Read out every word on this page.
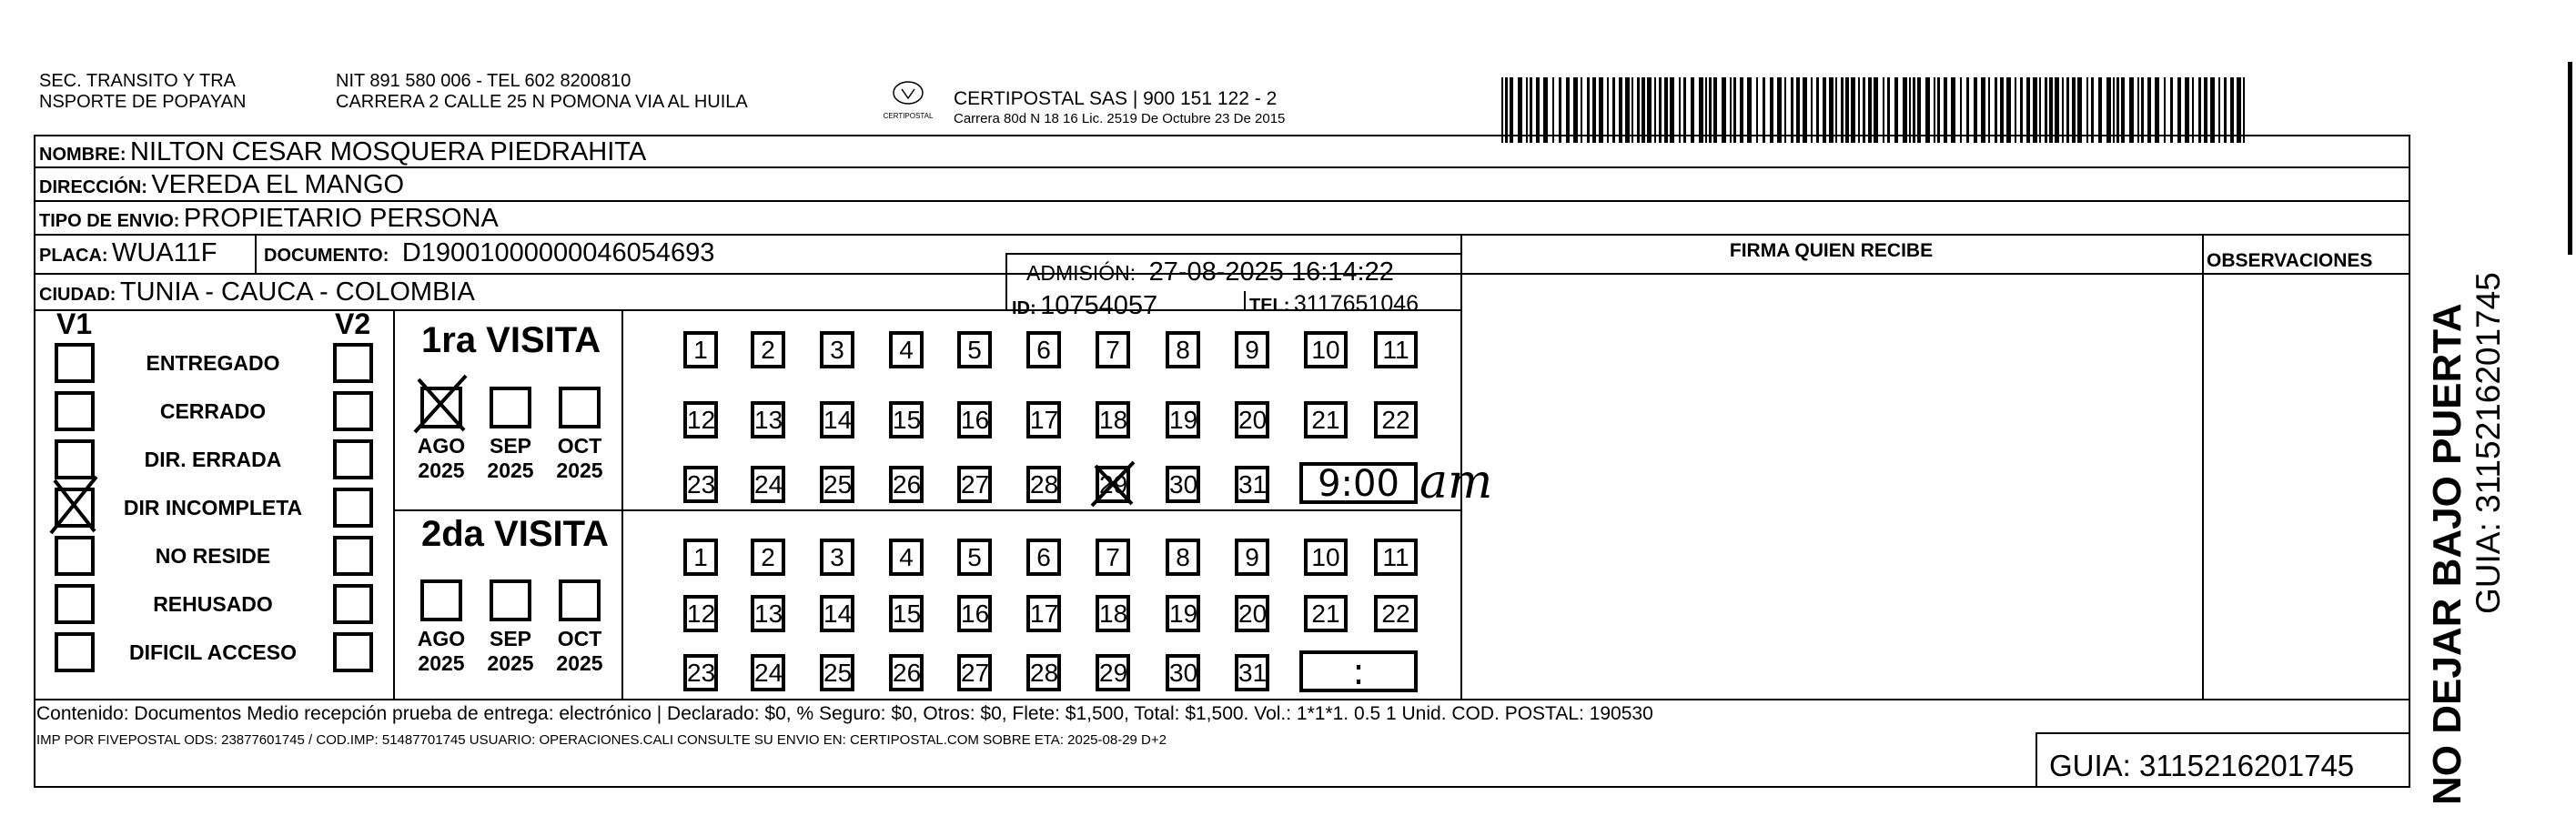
SEC. TRANSITO Y TRA
NSPORTE DE POPAYAN
NIT 891 580 006 - TEL 602 8200810
CARRERA 2 CALLE 25 N POMONA VIA AL HUILA
CERTIPOSTAL
CERTIPOSTAL SAS | 900 151 122 - 2
Carrera 80d N 18 16 Lic. 2519 De Octubre 23 De 2015
NOMBRE: NILTON CESAR MOSQUERA PIEDRAHITA
DIRECCIÓN: VEREDA EL MANGO
TIPO DE ENVIO: PROPIETARIO PERSONA
PLACA: WUA11F	DOCUMENTO: D19001000000046054693
ADMISIÓN: 27-08-2025 16:14:22
FIRMA QUIEN RECIBE	OBSERVACIONES
CIUDAD: TUNIA - CAUCA - COLOMBIA
ID: 10754057	TEL: 3117651046
V1	V2 1ra VISITA
2da VISITA
ENTREGADO
CERRADO
DIR. ERRADA
DIR INCOMPLETA
NO RESIDE
REHUSADO
DIFICIL ACCESO
AGO
2025
SEP
2025
OCT
2025
AGO
2025
SEP
2025
OCT
2025
1	2	3	4	5	6	7	8	9	10	11
12 13 14 15 16 17 18 19 20	21	22
23 24 25 26 27 28 29 30 31	9:00 am
1	2	3	4	5	6	7	8	9	10	11
12 13 14 15 16 17 18 19 20	21	22
23 24 25 26 27 28 29 30 31	:
Contenido: Documentos Medio recepción prueba de entrega: electrónico | Declarado: $0, % Seguro: $0, Otros: $0, Flete: $1,500, Total: $1,500. Vol.: 1*1*1. 0.5 1 Unid. COD. POSTAL: 190530
IMP POR FIVEPOSTAL ODS: 23877601745 / COD.IMP: 51487701745 USUARIO: OPERACIONES.CALI CONSULTE SU ENVIO EN: CERTIPOSTAL.COM SOBRE ETA: 2025-08-29 D+2
GUIA: 3115216201745 NO DEJAR BAJO PUERTA GUIA: 3115216201745
